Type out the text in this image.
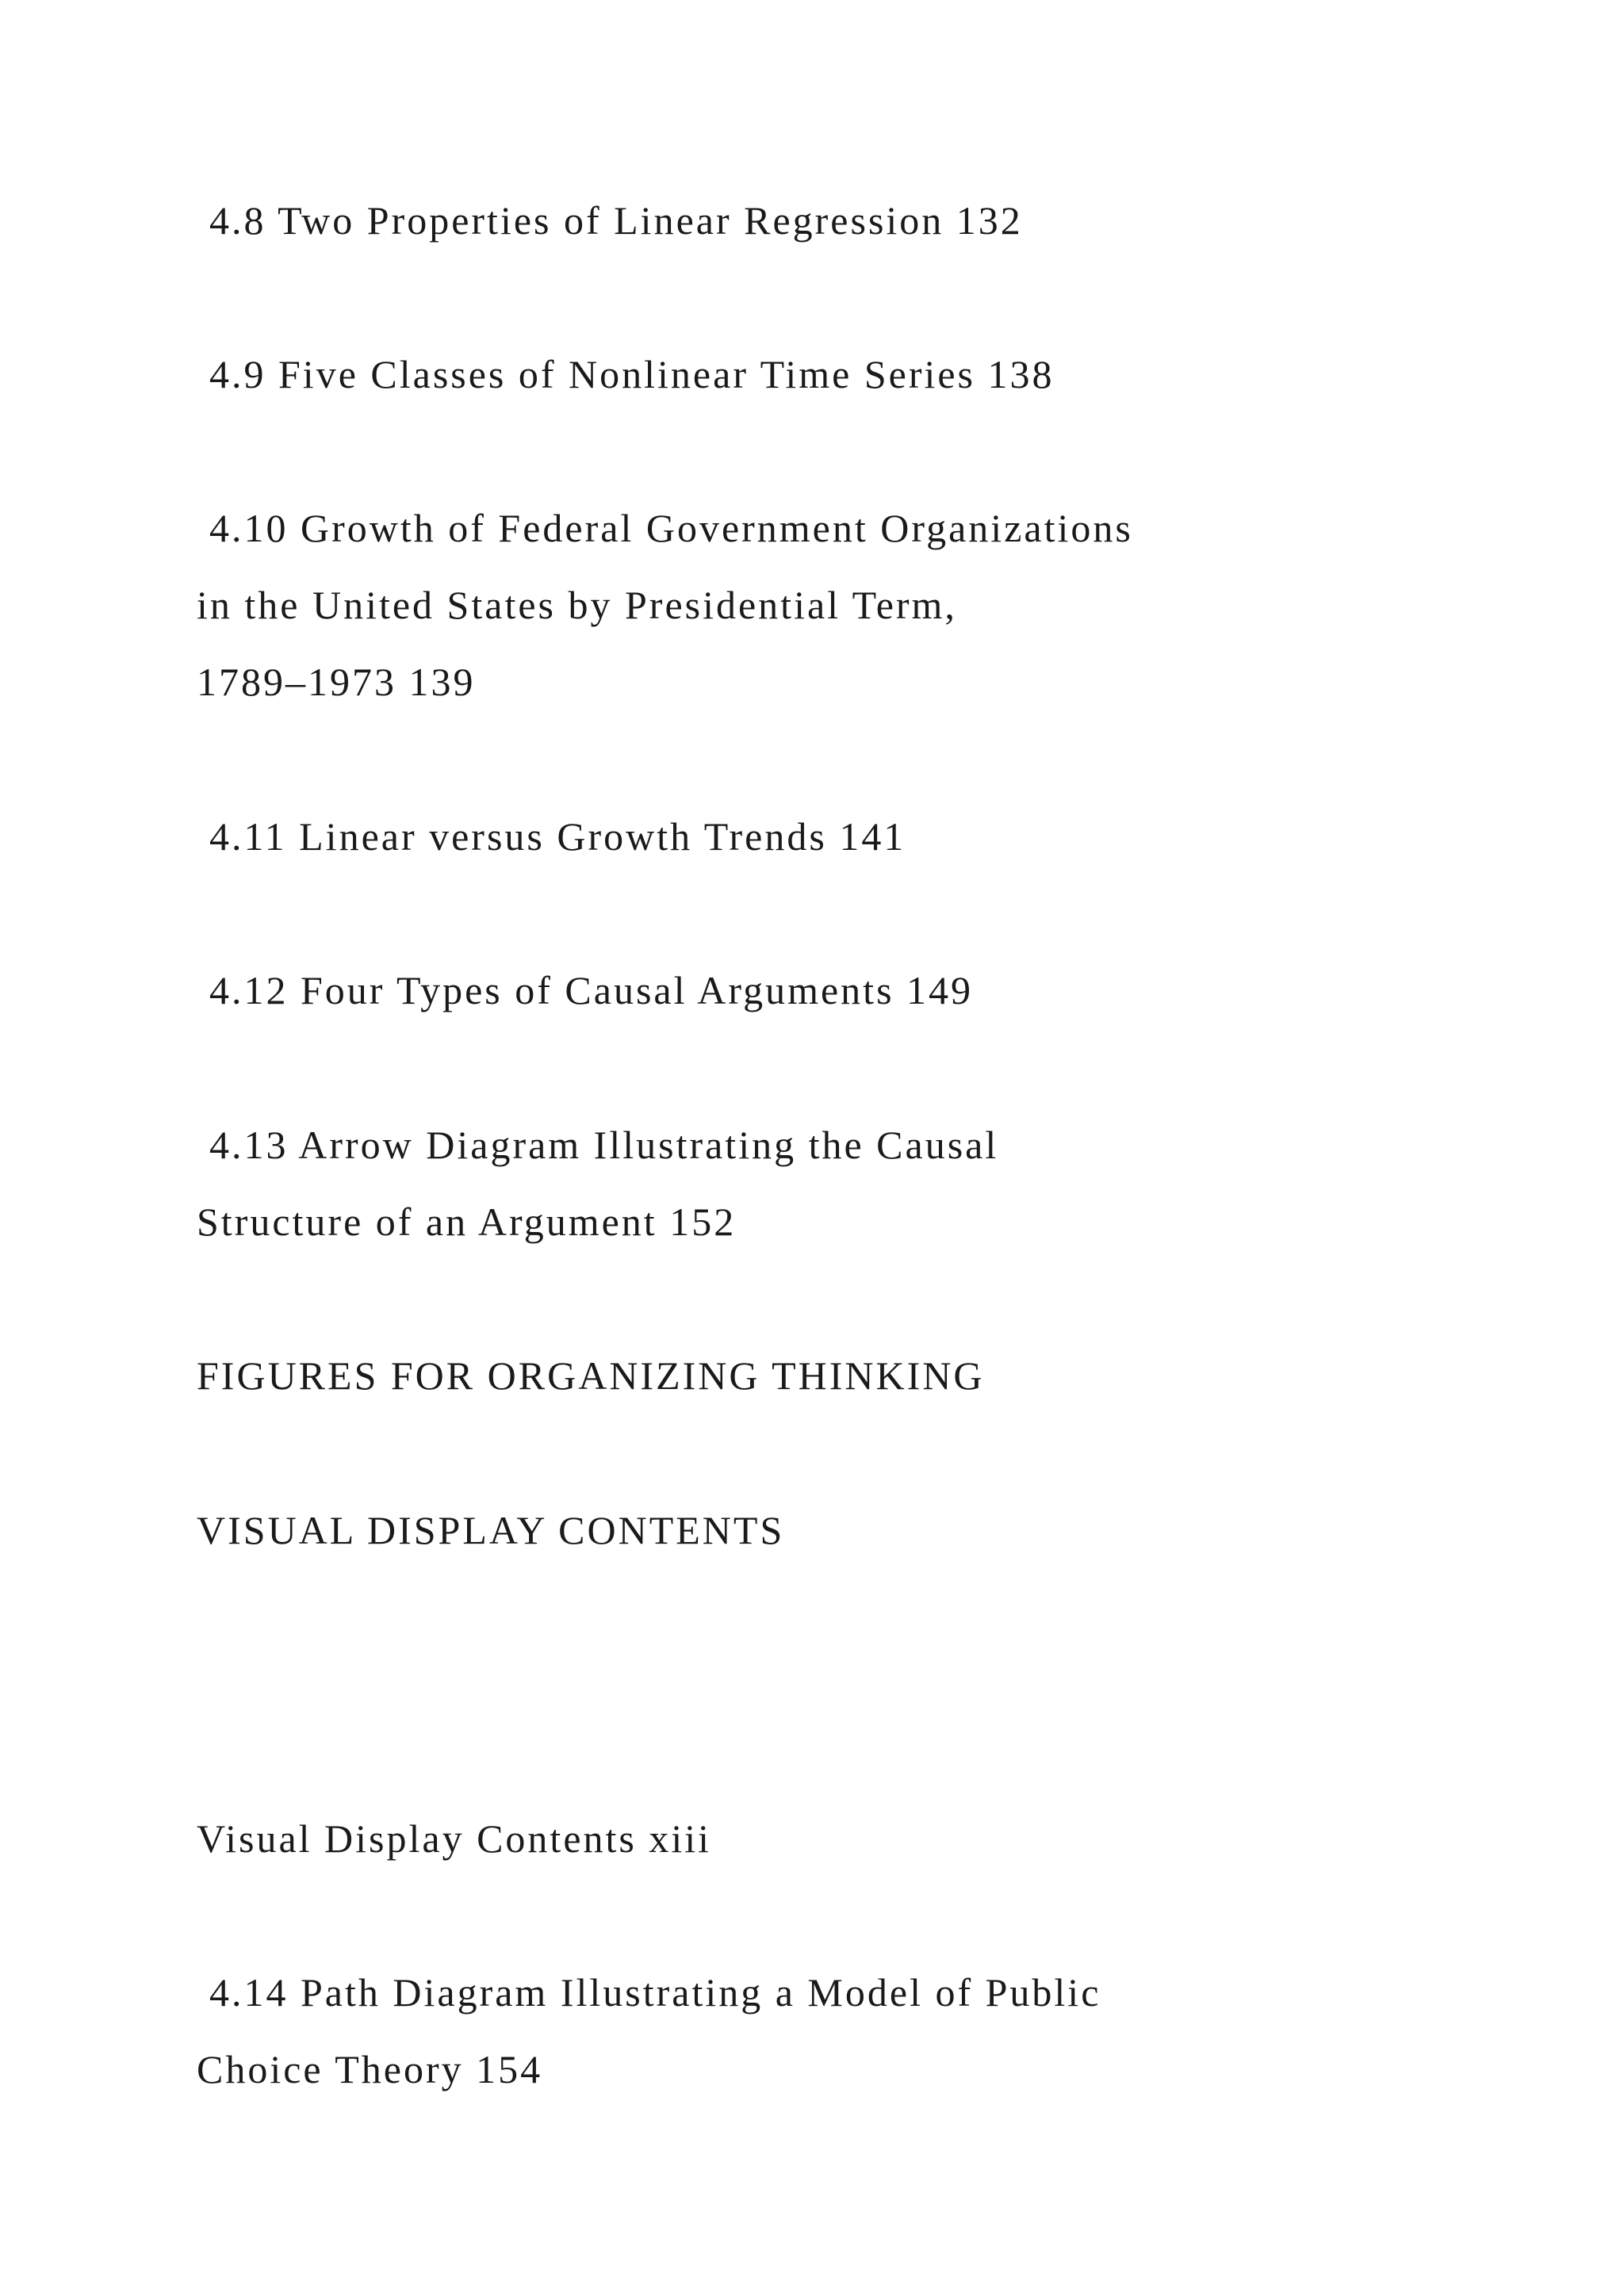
4.8 Two Properties of Linear Regression 132
4.9 Five Classes of Nonlinear Time Series 138
4.10 Growth of Federal Government Organizations
in the United States by Presidential Term,
1789–1973 139
4.11 Linear versus Growth Trends 141
4.12 Four Types of Causal Arguments 149
4.13 Arrow Diagram Illustrating the Causal
Structure of an Argument 152
FIGURES FOR ORGANIZING THINKING
VISUAL DISPLAY CONTENTS
Visual Display Contents xiii
4.14 Path Diagram Illustrating a Model of Public
Choice Theory 154
